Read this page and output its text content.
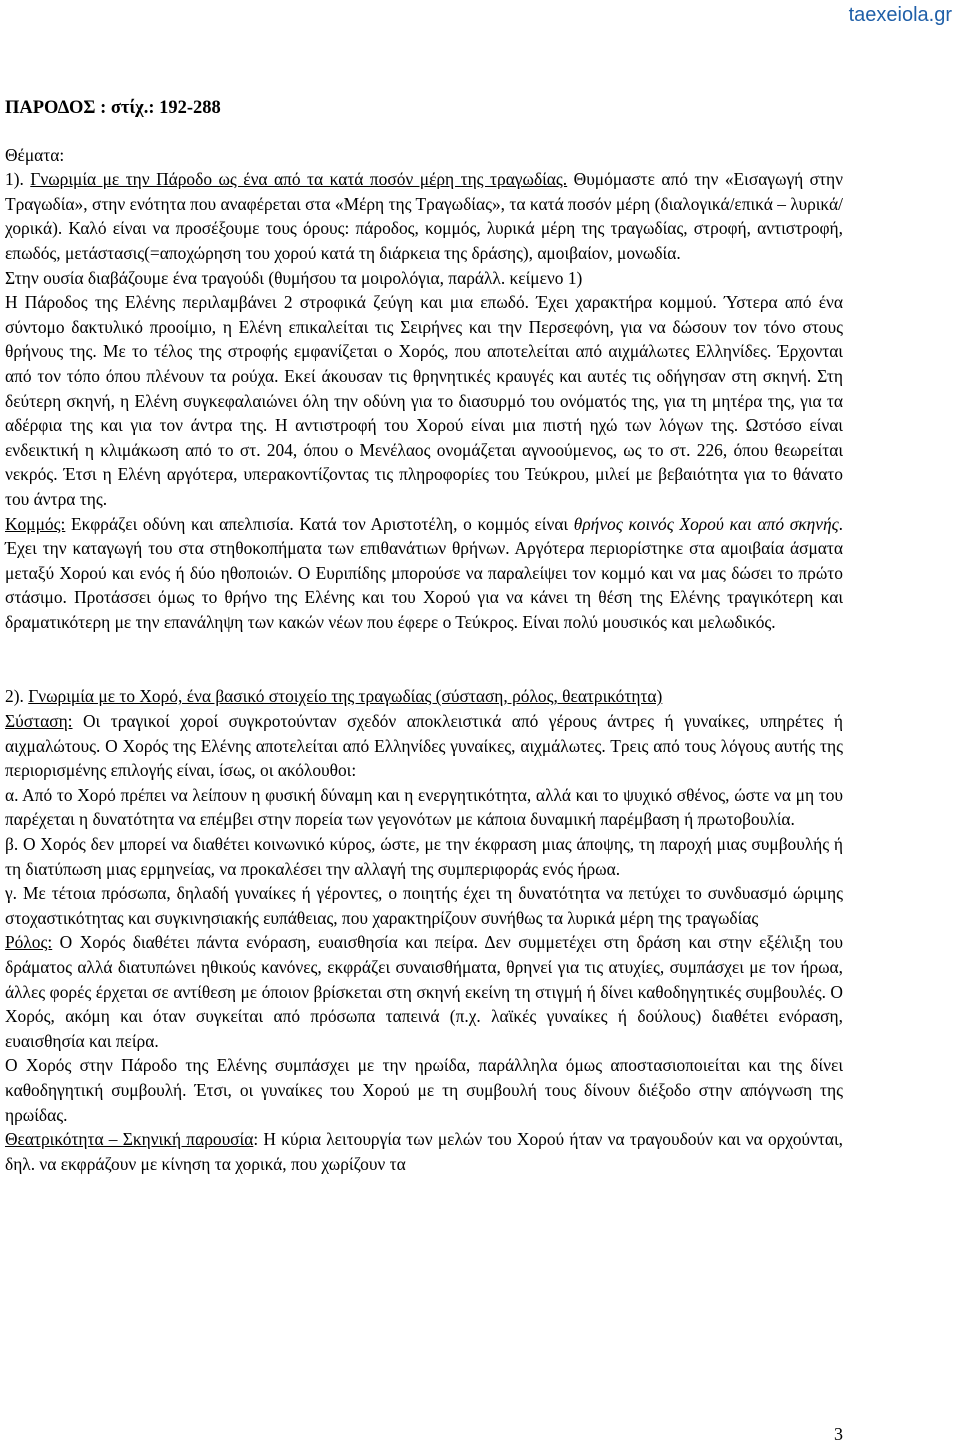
taexeiola.gr

ΠΑΡΟΔΟΣ : στίχ.: 192-288

Θέματα:

1). Γνωριμία με την Πάροδο ως ένα από τα κατά ποσόν μέρη της τραγωδίας. Θυμόμαστε από την «Εισαγωγή στην Τραγωδία», στην ενότητα που αναφέρεται στα «Μέρη της Τραγωδίας», τα κατά ποσόν μέρη (διαλογικά/επικά – λυρικά/χορικά). Καλό είναι να προσέξουμε τους όρους: πάροδος, κομμός, λυρικά μέρη της τραγωδίας, στροφή, αντιστροφή, επωδός, μετάστασις(=αποχώρηση του χορού κατά τη διάρκεια της δράσης), αμοιβαίον, μονωδία.

Στην ουσία διαβάζουμε ένα τραγούδι (θυμήσου τα μοιρολόγια, παράλλ. κείμενο 1)

Η Πάροδος της Ελένης περιλαμβάνει 2 στροφικά ζεύγη και μια επωδό. Έχει χαρακτήρα κομμού. Ύστερα από ένα σύντομο δακτυλικό προοίμιο, η Ελένη επικαλείται τις Σειρήνες και την Περσεφόνη, για να δώσουν τον τόνο στους θρήνους της. Με το τέλος της στροφής εμφανίζεται ο Χορός, που αποτελείται από αιχμάλωτες Ελληνίδες. Έρχονται από τον τόπο όπου πλένουν τα ρούχα. Εκεί άκουσαν τις θρηνητικές κραυγές και αυτές τις οδήγησαν στη σκηνή. Στη δεύτερη σκηνή, η Ελένη συγκεφαλαιώνει όλη την οδύνη για το διασυρμό του ονόματός της, για τη μητέρα της, για τα αδέρφια της και για τον άντρα της. Η αντιστροφή του Χορού είναι μια πιστή ηχώ των λόγων της. Ωστόσο είναι ενδεικτική η κλιμάκωση από το στ. 204, όπου ο Μενέλαος ονομάζεται αγνοούμενος, ως το στ. 226, όπου θεωρείται νεκρός. Έτσι η Ελένη αργότερα, υπερακοντίζοντας τις πληροφορίες του Τεύκρου, μιλεί με βεβαιότητα για το θάνατο του άντρα της.

Κομμός: Εκφράζει οδύνη και απελπισία. Κατά τον Αριστοτέλη, ο κομμός είναι θρήνος κοινός Χορού και από σκηνής. Έχει την καταγωγή του στα στηθοκοπήματα των επιθανάτιων θρήνων. Αργότερα περιορίστηκε στα αμοιβαία άσματα μεταξύ Χορού και ενός ή δύο ηθοποιών. Ο Ευριπίδης μπορούσε να παραλείψει τον κομμό και να μας δώσει το πρώτο στάσιμο. Προτάσσει όμως το θρήνο της Ελένης και του Χορού για να κάνει τη θέση της Ελένης τραγικότερη και δραματικότερη με την επανάληψη των κακών νέων που έφερε ο Τεύκρος. Είναι πολύ μουσικός και μελωδικός.

2). Γνωριμία με το Χορό, ένα βασικό στοιχείο της τραγωδίας (σύσταση, ρόλος, θεατρικότητα)

Σύσταση: Οι τραγικοί χοροί συγκροτούνταν σχεδόν αποκλειστικά από γέρους άντρες ή γυναίκες, υπηρέτες ή αιχμαλώτους. Ο Χορός της Ελένης αποτελείται από Ελληνίδες γυναίκες, αιχμάλωτες. Τρεις από τους λόγους αυτής της περιορισμένης επιλογής είναι, ίσως, οι ακόλουθοι:

α. Από το Χορό πρέπει να λείπουν η φυσική δύναμη και η ενεργητικότητα, αλλά και το ψυχικό σθένος, ώστε να μη του παρέχεται η δυνατότητα να επέμβει στην πορεία των γεγονότων με κάποια δυναμική παρέμβαση ή πρωτοβουλία.

β. Ο Χορός δεν μπορεί να διαθέτει κοινωνικό κύρος, ώστε, με την έκφραση μιας άποψης, τη παροχή μιας συμβουλής ή τη διατύπωση μιας ερμηνείας, να προκαλέσει την αλλαγή της συμπεριφοράς ενός ήρωα.

γ. Με τέτοια πρόσωπα, δηλαδή γυναίκες ή γέροντες, ο ποιητής έχει τη δυνατότητα να πετύχει το συνδυασμό ώριμης στοχαστικότητας και συγκινησιακής ευπάθειας, που χαρακτηρίζουν συνήθως τα λυρικά μέρη της τραγωδίας

Ρόλος: Ο Χορός διαθέτει πάντα ενόραση, ευαισθησία και πείρα. Δεν συμμετέχει στη δράση και στην εξέλιξη του δράματος αλλά διατυπώνει ηθικούς κανόνες, εκφράζει συναισθήματα, θρηνεί για τις ατυχίες, συμπάσχει με τον ήρωα, άλλες φορές έρχεται σε αντίθεση με όποιον βρίσκεται στη σκηνή εκείνη τη στιγμή ή δίνει καθοδηγητικές συμβουλές. Ο Χορός, ακόμη και όταν συγκείται από πρόσωπα ταπεινά (π.χ. λαϊκές γυναίκες ή δούλους) διαθέτει ενόραση, ευαισθησία και πείρα.

Ο Χορός στην Πάροδο της Ελένης συμπάσχει με την ηρωίδα, παράλληλα όμως αποστασιοποιείται και της δίνει καθοδηγητική συμβουλή. Έτσι, οι γυναίκες του Χορού με τη συμβουλή τους δίνουν διέξοδο στην απόγνωση της ηρωίδας.

Θεατρικότητα – Σκηνική παρουσία: Η κύρια λειτουργία των μελών του Χορού ήταν να τραγουδούν και να ορχούνται, δηλ. να εκφράζουν με κίνηση τα χορικά, που χωρίζουν τα

3
